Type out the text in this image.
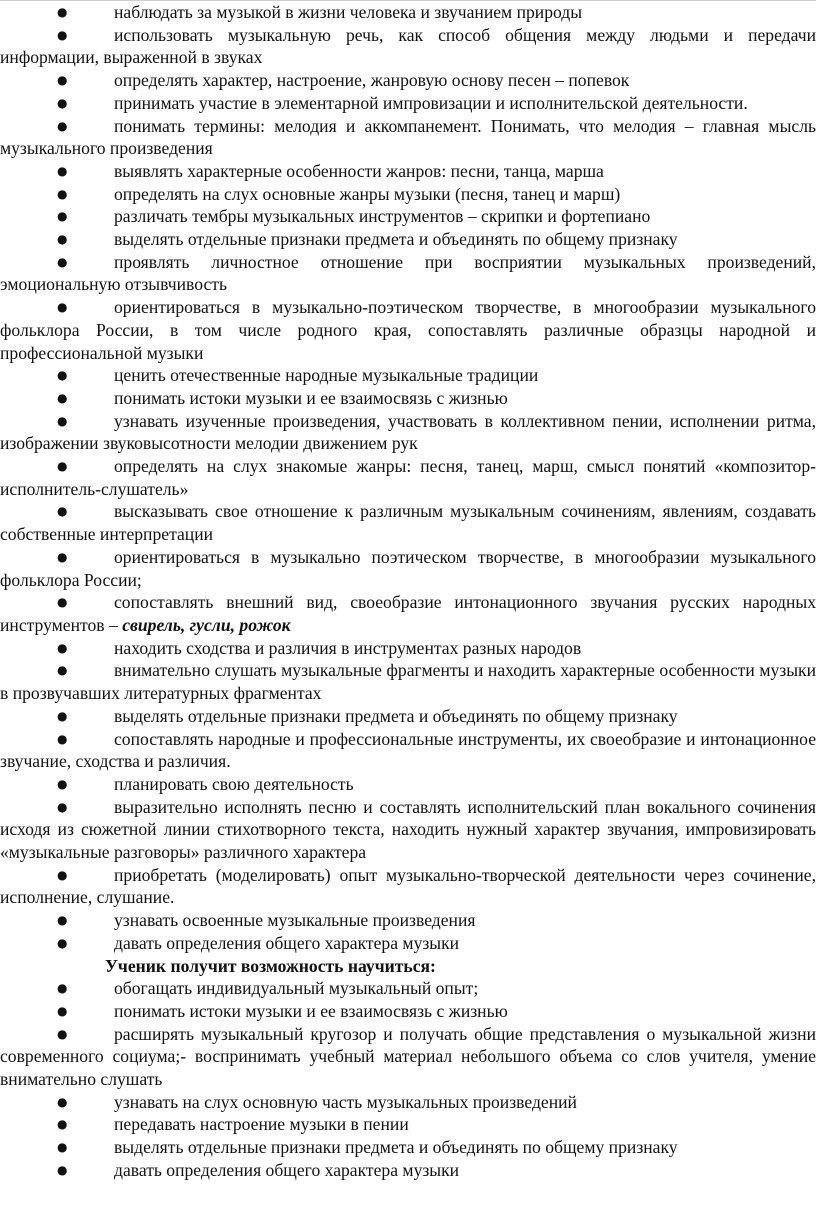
●	наблюдать за музыкой в жизни человека и звучанием природы
●	использовать музыкальную речь, как способ общения между людьми и передачи информации, выраженной в звуках
●	определять характер, настроение, жанровую основу песен – попевок
●	принимать участие в элементарной импровизации и исполнительской деятельности.
●	понимать термины: мелодия и аккомпанемент. Понимать, что мелодия – главная мысль музыкального произведения
●	выявлять характерные особенности жанров: песни, танца, марша
●	определять на слух основные жанры музыки (песня, танец и марш)
●	различать тембры музыкальных инструментов – скрипки и фортепиано
●	выделять отдельные признаки предмета и объединять по общему признаку
●	проявлять личностное отношение при восприятии музыкальных произведений, эмоциональную отзывчивость
●	ориентироваться в музыкально-поэтическом творчестве, в многообразии музыкального фольклора России, в том числе родного края, сопоставлять различные образцы народной и профессиональной музыки
●	ценить отечественные народные музыкальные традиции
●	понимать истоки музыки и ее взаимосвязь с жизнью
●	узнавать изученные произведения, участвовать в коллективном пении, исполнении ритма, изображении звуковысотности мелодии движением рук
●	определять на слух знакомые жанры: песня, танец, марш, смысл понятий «композитор-исполнитель-слушатель»
●	высказывать свое отношение к различным музыкальным сочинениям, явлениям, создавать собственные интерпретации
●	ориентироваться в музыкально поэтическом творчестве, в многообразии музыкального фольклора России;
●	сопоставлять внешний вид, своеобразие интонационного звучания русских народных инструментов – свирель, гусли, рожок
●	находить сходства и различия в инструментах разных народов
●	внимательно слушать музыкальные фрагменты и находить характерные особенности музыки в прозвучавших литературных фрагментах
●	выделять отдельные признаки предмета и объединять по общему признаку
●	сопоставлять народные и профессиональные инструменты, их своеобразие и интонационное звучание, сходства и различия.
●	планировать свою деятельность
●	выразительно исполнять песню и составлять исполнительский план вокального сочинения исходя из сюжетной линии стихотворного текста, находить нужный характер звучания, импровизировать «музыкальные разговоры» различного характера
●	приобретать (моделировать) опыт музыкально-творческой деятельности через сочинение, исполнение, слушание.
●	узнавать освоенные музыкальные произведения
●	давать определения общего характера музыки
Ученик получит возможность научиться:
●	обогащать индивидуальный музыкальный опыт;
●	понимать истоки музыки и ее взаимосвязь с жизнью
●	расширять музыкальный кругозор и получать общие представления о музыкальной жизни современного социума;- воспринимать учебный материал небольшого объема со слов учителя, умение внимательно слушать
●	узнавать на слух основную часть музыкальных произведений
●	передавать настроение музыки в пении
●	выделять отдельные признаки предмета и объединять по общему признаку
●	давать определения общего характера музыки
